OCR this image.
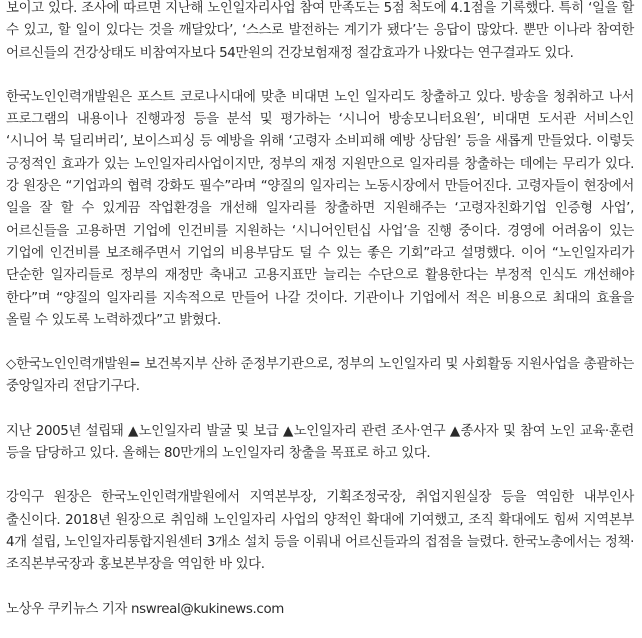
보이고 있다. 조사에 따르면 지난해 노인일자리사업 참여 만족도는 5점 척도에 4.1점을 기록했다. 특히 ‘일을 할 수 있고, 할 일이 있다는 것을 깨달았다’, ‘스스로 발전하는 계기가 됐다’는 응답이 많았다. 뿐만 이나라 참여한 어르신들의 건강상태도 비참여자보다 54만원의 건강보험재정 절감효과가 나왔다는 연구결과도 있다.

한국노인인력개발원은 포스트 코로나시대에 맞춘 비대면 노인 일자리도 창출하고 있다. 방송을 청취하고 나서 프로그램의 내용이나 진행과정 등을 분석 및 평가하는 ‘시니어 방송모니터요원’, 비대면 도서관 서비스인 ‘시니어 북 딜리버리’, 보이스피싱 등 예방을 위해 ‘고령자 소비피해 예방 상담원’ 등을 새롭게 만들었다. 이렇듯 긍정적인 효과가 있는 노인일자리사업이지만, 정부의 재정 지원만으로 일자리를 창출하는 데에는 무리가 있다. 강 원장은 “기업과의 협력 강화도 필수”라며 “양질의 일자리는 노동시장에서 만들어진다. 고령자들이 현장에서 일을 잘 할 수 있게끔 작업환경을 개선해 일자리를 창출하면 지원해주는 ‘고령자친화기업 인증형 사업’, 어르신들을 고용하면 기업에 인건비를 지원하는 ‘시니어인턴십 사업’을 진행 중이다. 경영에 어려움이 있는 기업에 인건비를 보조해주면서 기업의 비용부담도 덜 수 있는 좋은 기회”라고 설명했다. 이어 “노인일자리가 단순한 일자리들로 정부의 재정만 축내고 고용지표만 늘리는 수단으로 활용한다는 부정적 인식도 개선해야 한다”며 “양질의 일자리를 지속적으로 만들어 나갈 것이다. 기관이나 기업에서 적은 비용으로 최대의 효율을 올릴 수 있도록 노력하겠다”고 밝혔다.

◇한국노인인력개발원= 보건복지부 산하 준정부기관으로, 정부의 노인일자리 및 사회활동 지원사업을 총괄하는 중앙일자리 전담기구다.

지난 2005년 설립돼 ▲노인일자리 발굴 및 보급 ▲노인일자리 관련 조사·연구 ▲종사자 및 참여 노인 교육·훈련 등을 담당하고 있다. 올해는 80만개의 노인일자리 창출을 목표로 하고 있다.

강익구 원장은 한국노인인력개발원에서 지역본부장, 기획조정국장, 취업지원실장 등을 역임한 내부인사 출신이다. 2018년 원장으로 취임해 노인일자리 사업의 양적인 확대에 기여했고, 조직 확대에도 힘써 지역본부 4개 설립, 노인일자리통합지원센터 3개소 설치 등을 이뤄내 어르신들과의 접점을 늘렸다. 한국노총에서는 정책·조직본부국장과 홍보본부장을 역임한 바 있다.

노상우 쿠키뉴스 기자 nswreal@kukinews.com
